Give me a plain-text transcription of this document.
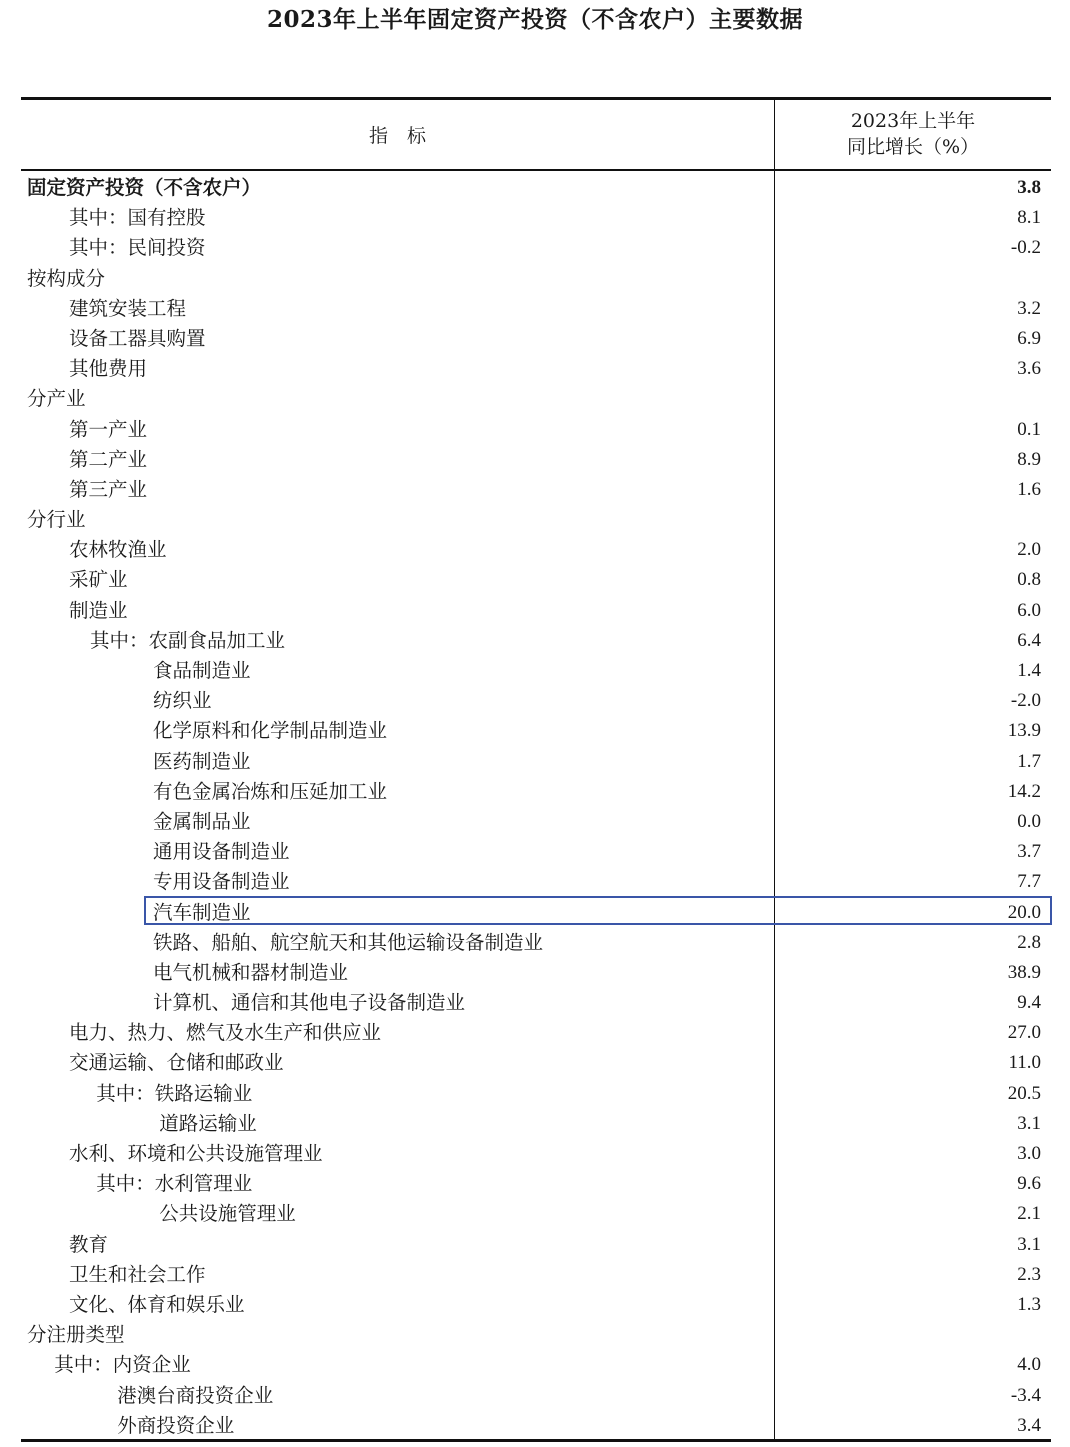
2023年上半年固定资产投资（不含农户）主要数据
指　标
2023年上半年
同比增长（%）
固定资产投资（不含农户）	3.8
其中：国有控股	8.1
其中：民间投资	-0.2
按构成分
建筑安装工程	3.2
设备工器具购置	6.9
其他费用	3.6
分产业
第一产业	0.1
第二产业	8.9
第三产业	1.6
分行业
农林牧渔业	2.0
采矿业	0.8
制造业	6.0
其中：农副食品加工业	6.4
食品制造业	1.4
纺织业	-2.0
化学原料和化学制品制造业	13.9
医药制造业	1.7
有色金属冶炼和压延加工业	14.2
金属制品业	0.0
通用设备制造业	3.7
专用设备制造业	7.7
汽车制造业	20.0
铁路、船舶、航空航天和其他运输设备制造业	2.8
电气机械和器材制造业	38.9
计算机、通信和其他电子设备制造业	9.4
电力、热力、燃气及水生产和供应业	27.0
交通运输、仓储和邮政业	11.0
其中：铁路运输业	20.5
道路运输业	3.1
水利、环境和公共设施管理业	3.0
其中：水利管理业	9.6
公共设施管理业	2.1
教育	3.1
卫生和社会工作	2.3
文化、体育和娱乐业	1.3
分注册类型
其中：内资企业	4.0
港澳台商投资企业	-3.4
外商投资企业	3.4
